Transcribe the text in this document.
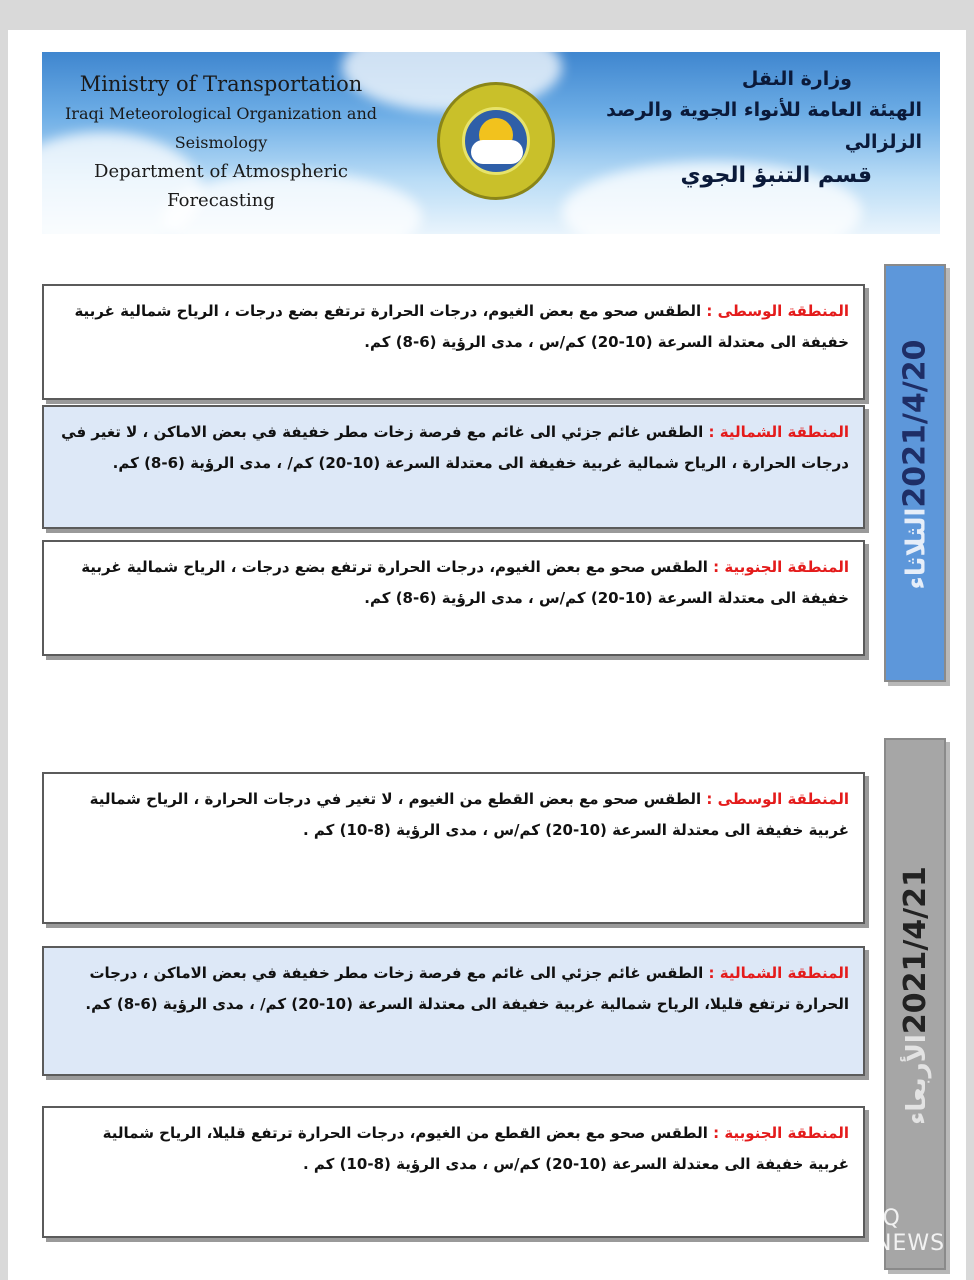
Ministry of Transportation
Iraqi Meteorological Organization and Seismology
Department of Atmospheric Forecasting
وزارة النقل
الهيئة العامة للأنواء الجوية والرصد الزلزالي
قسم التنبؤ الجوي
2021/4/20الثلاثاء
المنطقة الوسطى : الطقس صحو مع بعض الغيوم، درجات الحرارة ترتفع بضع درجات ، الرياح شمالية غربية خفيفة الى معتدلة السرعة (10-20) كم/س ، مدى الرؤية (6-8) كم.
المنطقة الشمالية : الطقس غائم جزئي الى غائم مع فرصة زخات مطر خفيفة في بعض الاماكن ، لا تغير في درجات الحرارة ، الرياح شمالية غربية خفيفة الى معتدلة السرعة (10-20) كم/ ، مدى الرؤية (6-8) كم.
المنطقة الجنوبية : الطقس صحو مع بعض الغيوم، درجات الحرارة ترتفع بضع درجات ، الرياح شمالية غربية خفيفة الى معتدلة السرعة (10-20) كم/س ، مدى الرؤية (6-8) كم.
2021/4/21الأربعاء
المنطقة الوسطى : الطقس صحو مع بعض القطع من الغيوم ، لا تغير في درجات الحرارة ، الرياح شمالية غربية خفيفة الى معتدلة السرعة (10-20) كم/س ، مدى الرؤية (8-10) كم .
المنطقة الشمالية : الطقس غائم جزئي الى غائم مع فرصة زخات مطر خفيفة في بعض الاماكن ، درجات الحرارة ترتفع قليلا، الرياح شمالية غربية خفيفة الى معتدلة السرعة (10-20) كم/ ، مدى الرؤية (6-8) كم.
المنطقة الجنوبية : الطقس صحو مع بعض القطع من الغيوم، درجات الحرارة ترتفع قليلا، الرياح شمالية غربية خفيفة الى معتدلة السرعة (10-20) كم/س ، مدى الرؤية (8-10) كم .
IQ NEWS
